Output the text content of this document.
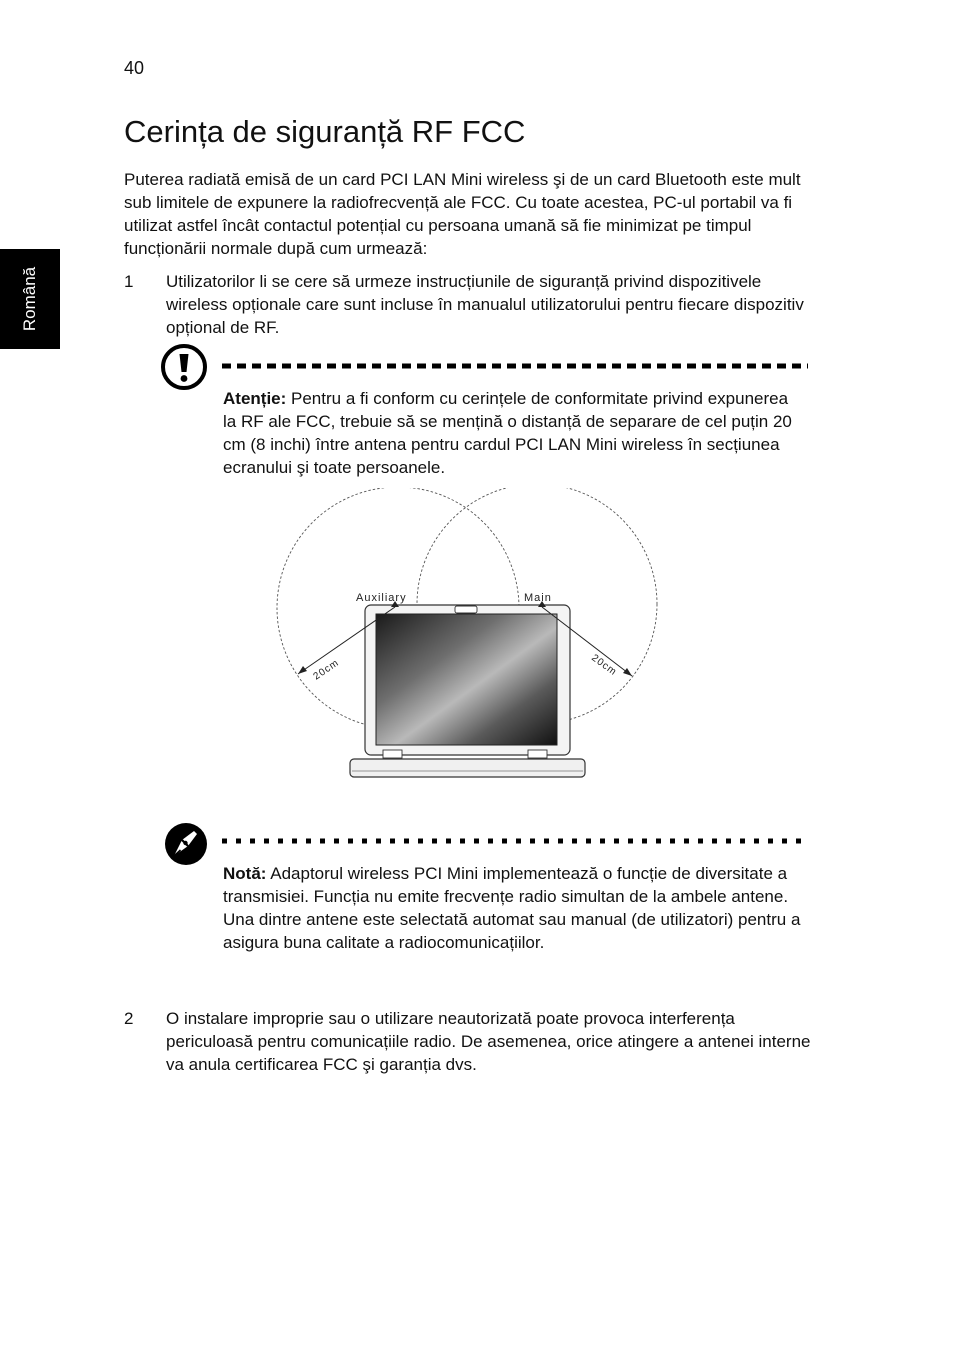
40
Română
Cerința de siguranță RF FCC

Puterea radiată emisă de un card PCI LAN Mini wireless şi de un card Bluetooth este mult sub limitele de expunere la radiofrecvență ale FCC. Cu toate acestea, PC-ul portabil va fi utilizat astfel încât contactul potențial cu persoana umană să fie minimizat pe timpul funcționării normale după cum urmează:

1	Utilizatorilor li se cere să urmeze instrucțiunile de siguranță privind dispozitivele wireless opționale care sunt incluse în manualul utilizatorului pentru fiecare dispozitiv opțional de RF.
Atenție: Pentru a fi conform cu cerințele de conformitate privind expunerea la RF ale FCC, trebuie să se mențină o distanță de separare de cel puțin 20 cm (8 inchi) între antena pentru cardul PCI LAN Mini wireless în secțiunea ecranului şi toate persoanele.
Auxiliary	Main
20cm	20cm
Notă: Adaptorul wireless PCI Mini implementează o funcție de diversitate a transmisiei. Funcția nu emite frecvențe radio simultan de la ambele antene. Una dintre antene este selectată automat sau manual (de utilizatori) pentru a asigura buna calitate a radiocomunicațiilor.
2	O instalare improprie sau o utilizare neautorizată poate provoca interferența periculoasă pentru comunicațiile radio. De asemenea, orice atingere a antenei interne va anula certificarea FCC şi garanția dvs.
